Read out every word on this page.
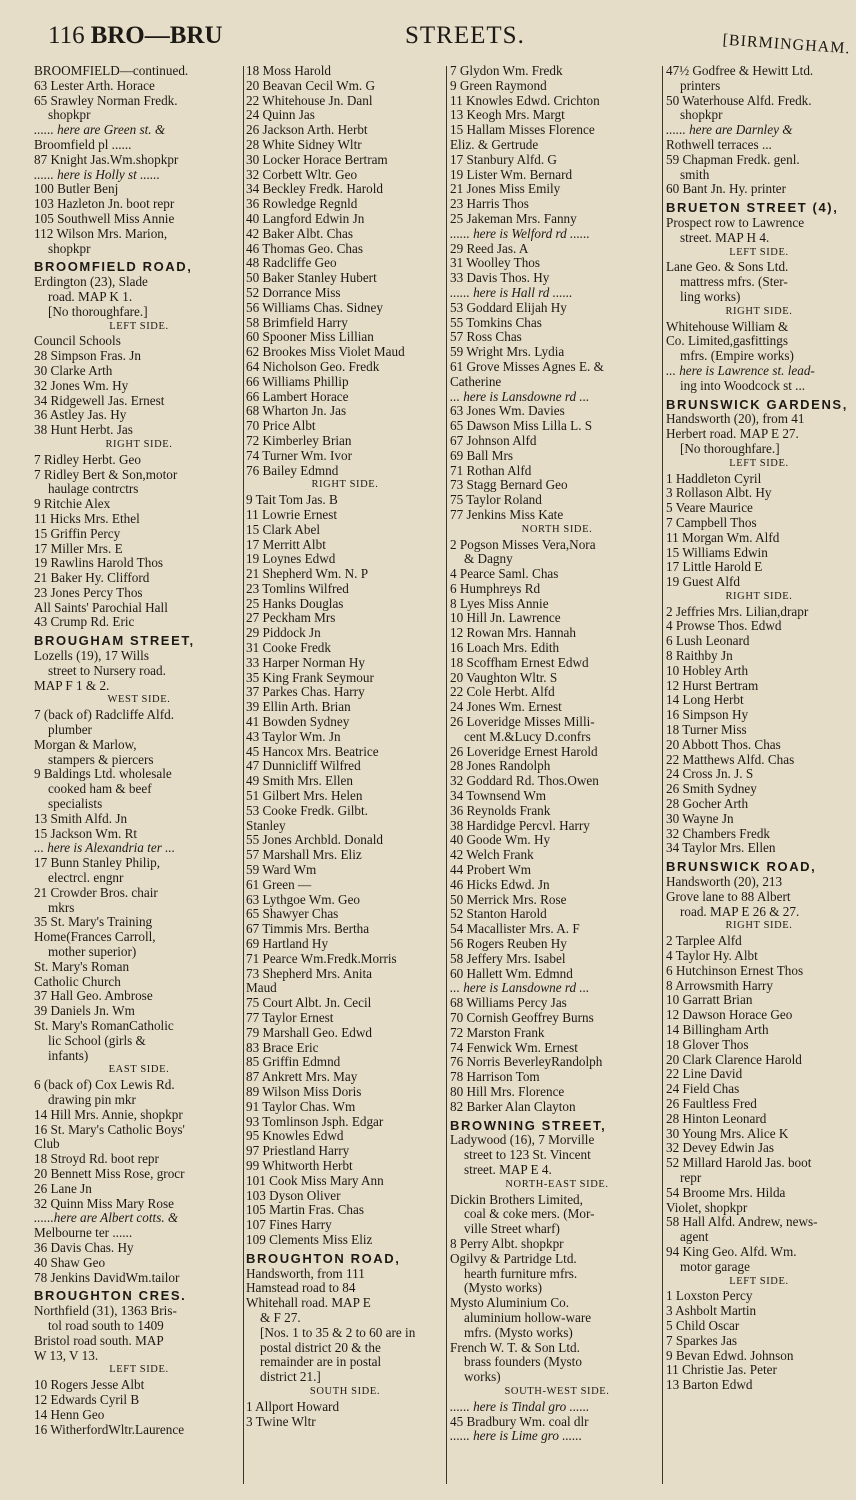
116 BRO—BRU	STREETS.	[BIRMINGHAM.
BROOMFIELD—continued.
63 Lester Arth. Horace
65 Srawley Norman Fredk.
shopkpr
...... here are Green st. &
Broomfield pl ......
87 Knight Jas.Wm.shopkpr
...... here is Holly st ......
100 Butler Benj
103 Hazleton Jn. boot repr
105 Southwell Miss Annie
112 Wilson Mrs. Marion,
shopkpr
BROOMFIELD ROAD,
Erdington (23), Slade
road. MAP K 1.
[No thoroughfare.]
LEFT SIDE.
Council Schools
28 Simpson Fras. Jn
30 Clarke Arth
32 Jones Wm. Hy
34 Ridgewell Jas. Ernest
36 Astley Jas. Hy
38 Hunt Herbt. Jas
RIGHT SIDE.
7 Ridley Herbt. Geo
7 Ridley Bert & Son,motor
haulage contrctrs
9 Ritchie Alex
11 Hicks Mrs. Ethel
15 Griffin Percy
17 Miller Mrs. E
19 Rawlins Harold Thos
21 Baker Hy. Clifford
23 Jones Percy Thos
All Saints' Parochial Hall
43 Crump Rd. Eric
BROUGHAM STREET,
Lozells (19), 17 Wills
street to Nursery road.
MAP F 1 & 2.
WEST SIDE.
7 (back of) Radcliffe Alfd.
plumber
Morgan & Marlow,
stampers & piercers
9 Baldings Ltd. wholesale
cooked ham & beef
specialists
13 Smith Alfd. Jn
15 Jackson Wm. Rt
... here is Alexandria ter ...
17 Bunn Stanley Philip,
electrcl. engnr
21 Crowder Bros. chair
mkrs
35 St. Mary's Training
Home(Frances Carroll,
mother superior)
St. Mary's Roman
Catholic Church
37 Hall Geo. Ambrose
39 Daniels Jn. Wm
St. Mary's RomanCatholic
lic School (girls &
infants)
EAST SIDE.
6 (back of) Cox Lewis Rd.
drawing pin mkr
14 Hill Mrs. Annie, shopkpr
16 St. Mary's Catholic Boys'
Club
18 Stroyd Rd. boot repr
20 Bennett Miss Rose, grocr
26 Lane Jn
32 Quinn Miss Mary Rose
......here are Albert cotts. &
Melbourne ter ......
36 Davis Chas. Hy
40 Shaw Geo
78 Jenkins DavidWm.tailor
BROUGHTON CRES.
Northfield (31), 1363 Bris-
tol road south to 1409
Bristol road south. MAP
W 13, V 13.
LEFT SIDE.
10 Rogers Jesse Albt
12 Edwards Cyril B
14 Henn Geo
16 WitherfordWltr.Laurence
18 Moss Harold
20 Beavan Cecil Wm. G
22 Whitehouse Jn. Danl
24 Quinn Jas
26 Jackson Arth. Herbt
28 White Sidney Wltr
30 Locker Horace Bertram
32 Corbett Wltr. Geo
34 Beckley Fredk. Harold
36 Rowledge Regnld
40 Langford Edwin Jn
42 Baker Albt. Chas
46 Thomas Geo. Chas
48 Radcliffe Geo
50 Baker Stanley Hubert
52 Dorrance Miss
56 Williams Chas. Sidney
58 Brimfield Harry
60 Spooner Miss Lillian
62 Brookes Miss Violet Maud
64 Nicholson Geo. Fredk
66 Williams Phillip
66 Lambert Horace
68 Wharton Jn. Jas
70 Price Albt
72 Kimberley Brian
74 Turner Wm. Ivor
76 Bailey Edmnd
RIGHT SIDE.
9 Tait Tom Jas. B
11 Lowrie Ernest
15 Clark Abel
17 Merritt Albt
19 Loynes Edwd
21 Shepherd Wm. N. P
23 Tomlins Wilfred
25 Hanks Douglas
27 Peckham Mrs
29 Piddock Jn
31 Cooke Fredk
33 Harper Norman Hy
35 King Frank Seymour
37 Parkes Chas. Harry
39 Ellin Arth. Brian
41 Bowden Sydney
43 Taylor Wm. Jn
45 Hancox Mrs. Beatrice
47 Dunnicliff Wilfred
49 Smith Mrs. Ellen
51 Gilbert Mrs. Helen
53 Cooke Fredk. Gilbt.
Stanley
55 Jones Archbld. Donald
57 Marshall Mrs. Eliz
59 Ward Wm
61 Green —
63 Lythgoe Wm. Geo
65 Shawyer Chas
67 Timmis Mrs. Bertha
69 Hartland Hy
71 Pearce Wm.Fredk.Morris
73 Shepherd Mrs. Anita
Maud
75 Court Albt. Jn. Cecil
77 Taylor Ernest
79 Marshall Geo. Edwd
83 Brace Eric
85 Griffin Edmnd
87 Ankrett Mrs. May
89 Wilson Miss Doris
91 Taylor Chas. Wm
93 Tomlinson Jsph. Edgar
95 Knowles Edwd
97 Priestland Harry
99 Whitworth Herbt
101 Cook Miss Mary Ann
103 Dyson Oliver
105 Martin Fras. Chas
107 Fines Harry
109 Clements Miss Eliz
BROUGHTON ROAD,
Handsworth, from 111
Hamstead road to 84
Whitehall road. MAP E
& F 27.
[Nos. 1 to 35 & 2 to 60 are in
postal district 20 & the
remainder are in postal
district 21.]
SOUTH SIDE.
1 Allport Howard
3 Twine Wltr
7 Glydon Wm. Fredk
9 Green Raymond
11 Knowles Edwd. Crichton
13 Keogh Mrs. Margt
15 Hallam Misses Florence
Eliz. & Gertrude
17 Stanbury Alfd. G
19 Lister Wm. Bernard
21 Jones Miss Emily
23 Harris Thos
25 Jakeman Mrs. Fanny
...... here is Welford rd ......
29 Reed Jas. A
31 Woolley Thos
33 Davis Thos. Hy
...... here is Hall rd ......
53 Goddard Elijah Hy
55 Tomkins Chas
57 Ross Chas
59 Wright Mrs. Lydia
61 Grove Misses Agnes E. &
Catherine
... here is Lansdowne rd ...
63 Jones Wm. Davies
65 Dawson Miss Lilla L. S
67 Johnson Alfd
69 Ball Mrs
71 Rothan Alfd
73 Stagg Bernard Geo
75 Taylor Roland
77 Jenkins Miss Kate
NORTH SIDE.
2 Pogson Misses Vera,Nora
& Dagny
4 Pearce Saml. Chas
6 Humphreys Rd
8 Lyes Miss Annie
10 Hill Jn. Lawrence
12 Rowan Mrs. Hannah
16 Loach Mrs. Edith
18 Scoffham Ernest Edwd
20 Vaughton Wltr. S
22 Cole Herbt. Alfd
24 Jones Wm. Ernest
26 Loveridge Misses Milli-
cent M.&Lucy D.confrs
26 Loveridge Ernest Harold
28 Jones Randolph
32 Goddard Rd. Thos.Owen
34 Townsend Wm
36 Reynolds Frank
38 Hardidge Percvl. Harry
40 Goode Wm. Hy
42 Welch Frank
44 Probert Wm
46 Hicks Edwd. Jn
50 Merrick Mrs. Rose
52 Stanton Harold
54 Macallister Mrs. A. F
56 Rogers Reuben Hy
58 Jeffery Mrs. Isabel
60 Hallett Wm. Edmnd
... here is Lansdowne rd ...
68 Williams Percy Jas
70 Cornish Geoffrey Burns
72 Marston Frank
74 Fenwick Wm. Ernest
76 Norris BeverleyRandolph
78 Harrison Tom
80 Hill Mrs. Florence
82 Barker Alan Clayton
BROWNING STREET,
Ladywood (16), 7 Morville
street to 123 St. Vincent
street. MAP E 4.
NORTH-EAST SIDE.
Dickin Brothers Limited,
coal & coke mers. (Mor-
ville Street wharf)
8 Perry Albt. shopkpr
Ogilvy & Partridge Ltd.
hearth furniture mfrs.
(Mysto works)
Mysto Aluminium Co.
aluminium hollow-ware
mfrs. (Mysto works)
French W. T. & Son Ltd.
brass founders (Mysto
works)
SOUTH-WEST SIDE.
...... here is Tindal gro ......
45 Bradbury Wm. coal dlr
...... here is Lime gro ......
47½ Godfree & Hewitt Ltd.
printers
50 Waterhouse Alfd. Fredk.
shopkpr
...... here are Darnley &
Rothwell terraces ...
59 Chapman Fredk. genl.
smith
60 Bant Jn. Hy. printer
BRUETON STREET (4),
Prospect row to Lawrence
street. MAP H 4.
LEFT SIDE.
Lane Geo. & Sons Ltd.
mattress mfrs. (Ster-
ling works)
RIGHT SIDE.
Whitehouse William &
Co. Limited,gasfittings
mfrs. (Empire works)
... here is Lawrence st. lead-
ing into Woodcock st ...
BRUNSWICK GARDENS,
Handsworth (20), from 41
Herbert road. MAP E 27.
[No thoroughfare.]
LEFT SIDE.
1 Haddleton Cyril
3 Rollason Albt. Hy
5 Veare Maurice
7 Campbell Thos
11 Morgan Wm. Alfd
15 Williams Edwin
17 Little Harold E
19 Guest Alfd
RIGHT SIDE.
2 Jeffries Mrs. Lilian,drapr
4 Prowse Thos. Edwd
6 Lush Leonard
8 Raithby Jn
10 Hobley Arth
12 Hurst Bertram
14 Long Herbt
16 Simpson Hy
18 Turner Miss
20 Abbott Thos. Chas
22 Matthews Alfd. Chas
24 Cross Jn. J. S
26 Smith Sydney
28 Gocher Arth
30 Wayne Jn
32 Chambers Fredk
34 Taylor Mrs. Ellen
BRUNSWICK ROAD,
Handsworth (20), 213
Grove lane to 88 Albert
road. MAP E 26 & 27.
RIGHT SIDE.
2 Tarplee Alfd
4 Taylor Hy. Albt
6 Hutchinson Ernest Thos
8 Arrowsmith Harry
10 Garratt Brian
12 Dawson Horace Geo
14 Billingham Arth
18 Glover Thos
20 Clark Clarence Harold
22 Line David
24 Field Chas
26 Faultless Fred
28 Hinton Leonard
30 Young Mrs. Alice K
32 Devey Edwin Jas
52 Millard Harold Jas. boot
repr
54 Broome Mrs. Hilda
Violet, shopkpr
58 Hall Alfd. Andrew, news-
agent
94 King Geo. Alfd. Wm.
motor garage
LEFT SIDE.
1 Loxston Percy
3 Ashbolt Martin
5 Child Oscar
7 Sparkes Jas
9 Bevan Edwd. Johnson
11 Christie Jas. Peter
13 Barton Edwd
